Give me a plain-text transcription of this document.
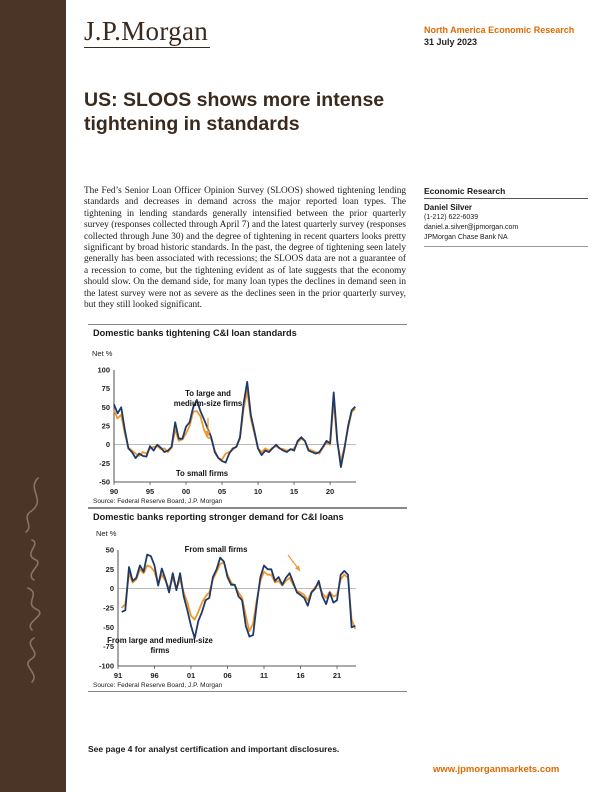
J.P.Morgan	North America Economic Research
31 July 2023
US: SLOOS shows more intense tightening in standards

The Fed’s Senior Loan Officer Opinion Survey (SLOOS) showed tightening lending standards and decreases in demand across the major reported loan types. The tightening in lending standards generally intensified between the prior quarterly survey (responses collected through April 7) and the latest quarterly survey (responses collected through June 30) and the degree of tightening in recent quarters looks pretty significant by broad historic standards. In the past, the degree of tightening seen lately generally has been associated with recessions; the SLOOS data are not a guarantee of a recession to come, but the tightening evident as of late suggests that the economy should slow. On the demand side, for many loan types the declines in demand seen in the latest survey were not as severe as the declines seen in the prior quarterly survey, but they still looked significant.

Economic Research
Daniel Silver
(1-212) 622-6039
daniel.a.silver@jpmorgan.com
JPMorgan Chase Bank NA
Domestic banks tightening C&I loan standards
Net %
-50
-25
0
25
50
75
100
90	95	00	05	10	15	20
To large and medium-size firms
To small firms
Source: Federal Reserve Board, J.P. Morgan
Domestic banks reporting stronger demand for C&I loans
Net %
-100
-75
-50
-25
0
25
50
91	96	01	06	11	16	21
From small firms
From large and medium-size firms
Source: Federal Reserve Board, J.P. Morgan
See page 4 for analyst certification and important disclosures.
www.jpmorganmarkets.com
